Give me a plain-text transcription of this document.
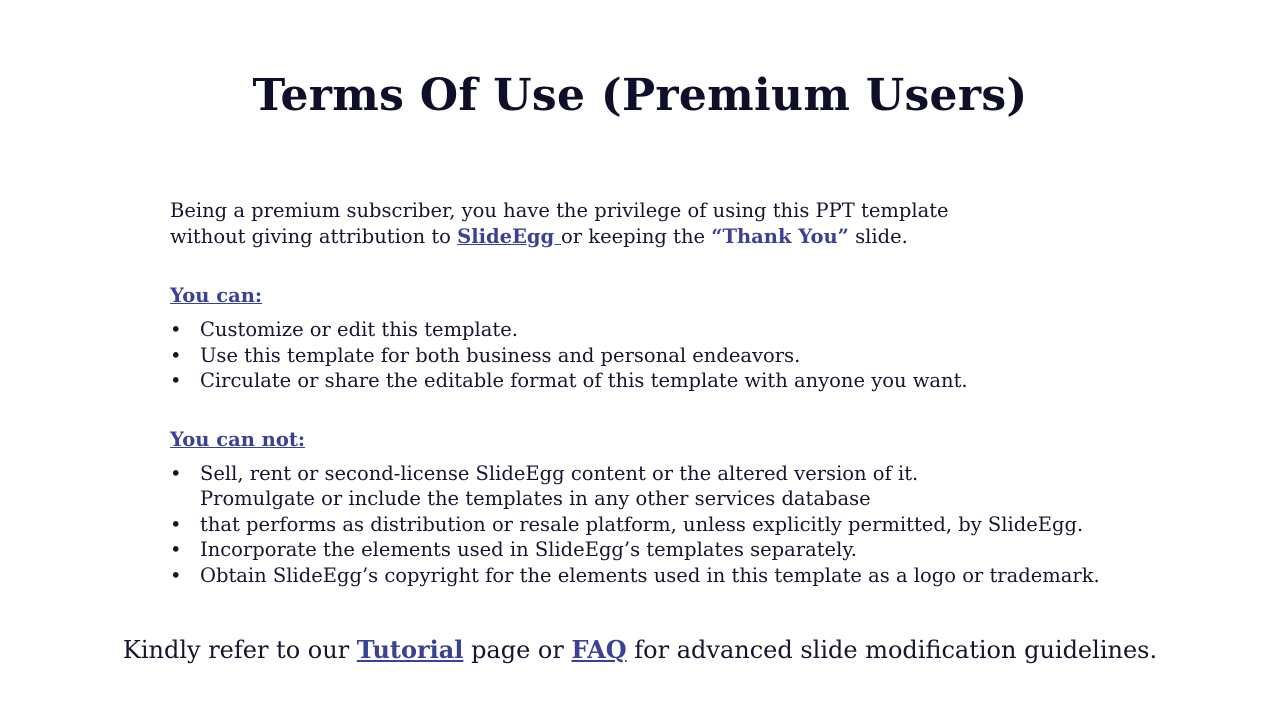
Terms Of Use (Premium Users)

Being a premium subscriber, you have the privilege of using this PPT template
without giving attribution to SlideEgg or keeping the “Thank You” slide.

You can:
• Customize or edit this template.
• Use this template for both business and personal endeavors.
• Circulate or share the editable format of this template with anyone you want.
You can not:
• Sell, rent or second-license SlideEgg content or the altered version of it.
Promulgate or include the templates in any other services database
• that performs as distribution or resale platform, unless explicitly permitted, by SlideEgg.
• Incorporate the elements used in SlideEgg’s templates separately.
• Obtain SlideEgg’s copyright for the elements used in this template as a logo or trademark.
Kindly refer to our Tutorial page or FAQ for advanced slide modification guidelines.
